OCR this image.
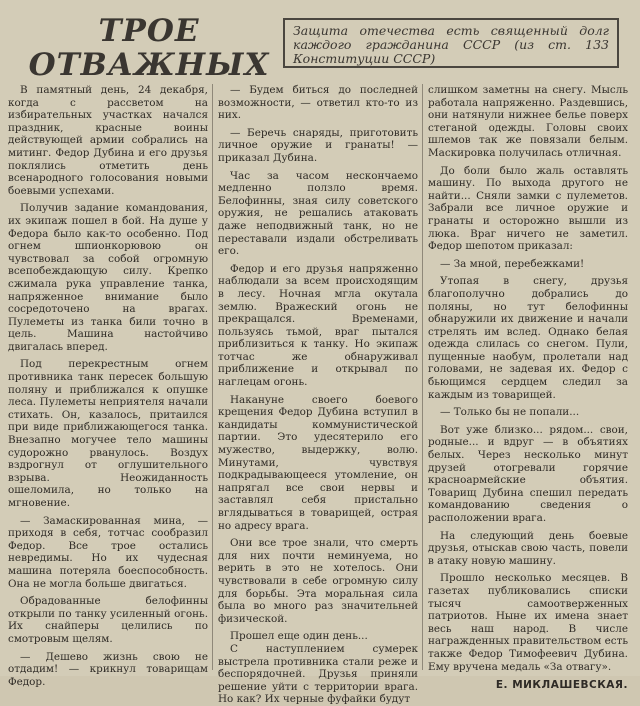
ТРОЕ
ОТВАЖНЫХ
Защита отечества есть священный долг каждого гражданина СССР (из ст. 133 Конституции СССР)

В памятный день, 24 декабря, когда с рассветом на избирательных участках начался праздник, красные воины действующей армии собрались на митинг. Федор Дубина и его друзья поклялись отметить день всенародного голосования новыми боевыми успехами.

Получив задание командования, их экипаж пошел в бой. На душе у Федора было как-то особенно. Под огнем шпионкорювою он чувствовал за собой огромную всепобеждающую силу. Крепко сжимала рука управление танка, напряженное внимание было сосредоточено на врагах. Пулеметы из танка били точно в цель. Машина настойчиво двигалась вперед.

Под перекрестным огнем противника танк пересек большую поляну и приближался к опушке леса. Пулеметы неприятеля начали стихать. Он, казалось, притаился при виде приближающегося танка. Внезапно могучее тело машины судорожно рванулось. Воздух вздрогнул от оглушительного взрыва. Неожиданность ошеломила, но только на мгновение.

— Замаскированная мина, — приходя в себя, тотчас сообразил Федор. Все трое остались невредимы. Но их чудесная машина потеряла боеспособность. Она не могла больше двигаться.

Обрадованные белофинны открыли по танку усиленный огонь. Их снайперы целились по смотровым щелям.

— Дешево жизнь свою не отдадим! — крикнул товарищам Федор.

— Будем биться до последней возможности, — ответил кто-то из них.

— Беречь снаряды, приготовить личное оружие и гранаты! — приказал Дубина.

Час за часом нескончаемо медленно ползло время. Белофинны, зная силу советского оружия, не решались атаковать даже неподвижный танк, но не переставали издали обстреливать его.

Федор и его друзья напряженно наблюдали за всем происходящим в лесу. Ночная мгла окутала землю. Вражеский огонь не прекращался. Временами, пользуясь тьмой, враг пытался приблизиться к танку. Но экипаж тотчас же обнаруживал приближение и открывал по наглецам огонь.

Накануне своего боевого крещения Федор Дубина вступил в кандидаты коммунистической партии. Это удесятерило его мужество, выдержку, волю. Минутами, чувствуя подкрадывающееся утомление, он напрягал все свои нервы и заставлял себя пристально вглядываться в товарищей, острая но адресу врага.

Они все трое знали, что смерть для них почти неминуема, но верить в это не хотелось. Они чувствовали в себе огромную силу для борьбы. Эта моральная сила была во много раз значительней физической.

Прошел еще один день...

С наступлением сумерек выстрела противника стали реже и беспорядочней. Друзья приняли решение уйти с территории врага. Но как? Их черные фуфайки будут

слишком заметны на снегу. Мысль работала напряженно. Раздевшись, они натянули нижнее белье поверх стеганой одежды. Головы своих шлемов так же повязали белым. Маскировка получилась отличная.

До боли было жаль оставлять машину. По выхода другого не найти... Сняли замки с пулеметов. Забрали все личное оружие и гранаты и осторожно вышли из люка. Враг ничего не заметил. Федор шепотом приказал:

— За мной, перебежками!

Утопая в снегу, друзья благополучно добрались до поляны, но тут белофинны обнаружили их движение и начали стрелять им вслед. Однако белая одежда слилась со снегом. Пули, пущенные наобум, пролетали над головами, не задевая их. Федор с бьющимся сердцем следил за каждым из товарищей.

— Только бы не попали...

Вот уже близко... рядом... свои, родные... и вдруг — в объятиях белых. Через несколько минут друзей отогревали горячие красноармейские объятия. Товарищ Дубина спешил передать командованию сведения о расположении врага.

На следующий день боевые друзья, отыскав свою часть, повели в атаку новую машину.

Прошло несколько месяцев. В газетах публиковались списки тысяч самоотверженных патриотов. Ныне их имена знает весь наш народ. В числе награжденных правительством есть также Федор Тимофеевич Дубина. Ему вручена медаль «За отвагу».

Е. МИКЛАШЕВСКАЯ.
